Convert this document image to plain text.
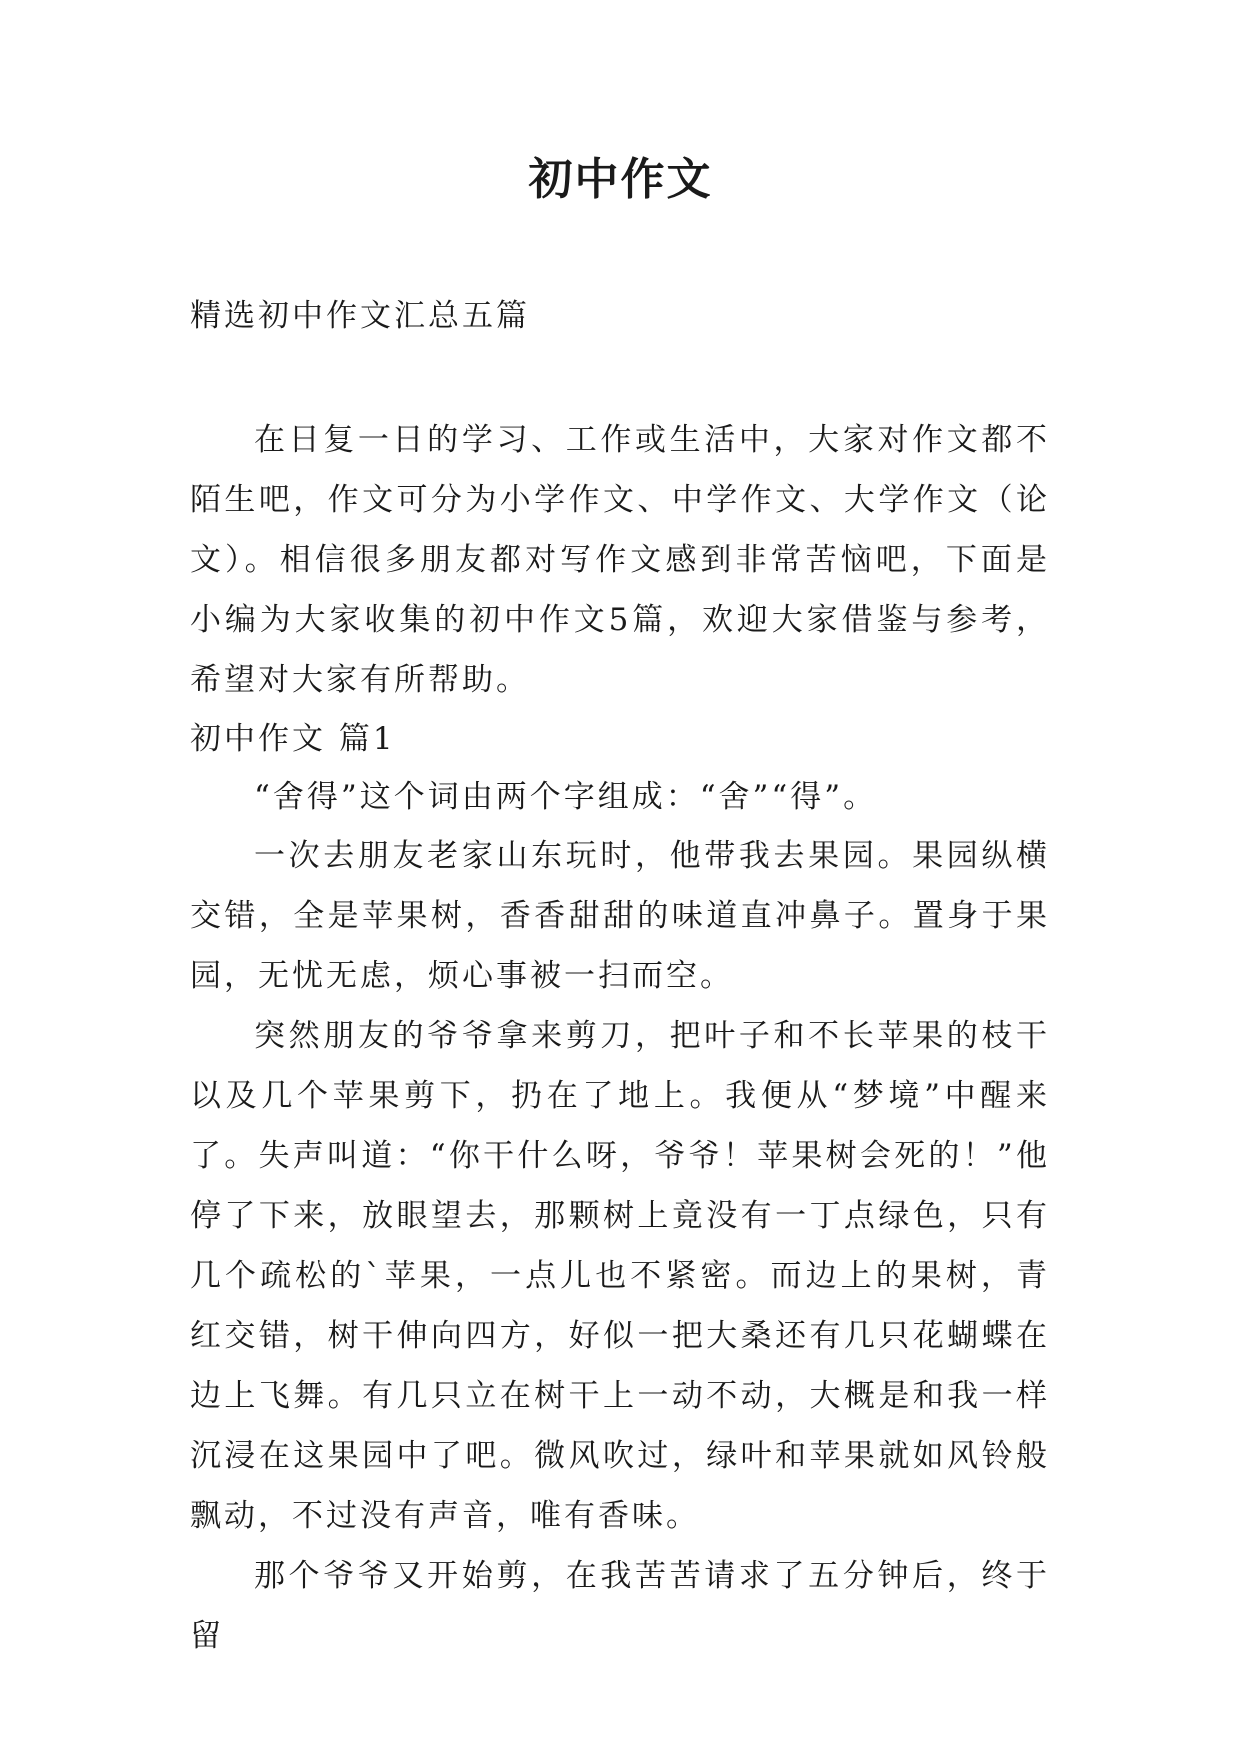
初中作文

精选初中作文汇总五篇

在日复一日的学习、工作或生活中，大家对作文都不陌生吧，作文可分为小学作文、中学作文、大学作文（论文）。相信很多朋友都对写作文感到非常苦恼吧，下面是小编为大家收集的初中作文5篇，欢迎大家借鉴与参考，希望对大家有所帮助。

初中作文 篇1

“舍得”这个词由两个字组成：“舍”“得”。

一次去朋友老家山东玩时，他带我去果园。果园纵横交错，全是苹果树，香香甜甜的味道直冲鼻子。置身于果园，无忧无虑，烦心事被一扫而空。

突然朋友的爷爷拿来剪刀，把叶子和不长苹果的枝干以及几个苹果剪下，扔在了地上。我便从“梦境”中醒来了。失声叫道：“你干什么呀，爷爷！苹果树会死的！”他停了下来，放眼望去，那颗树上竟没有一丁点绿色，只有几个疏松的`苹果，一点儿也不紧密。而边上的果树，青红交错，树干伸向四方，好似一把大桑还有几只花蝴蝶在边上飞舞。有几只立在树干上一动不动，大概是和我一样沉浸在这果园中了吧。微风吹过，绿叶和苹果就如风铃般飘动，不过没有声音，唯有香味。

那个爷爷又开始剪，在我苦苦请求了五分钟后，终于留
